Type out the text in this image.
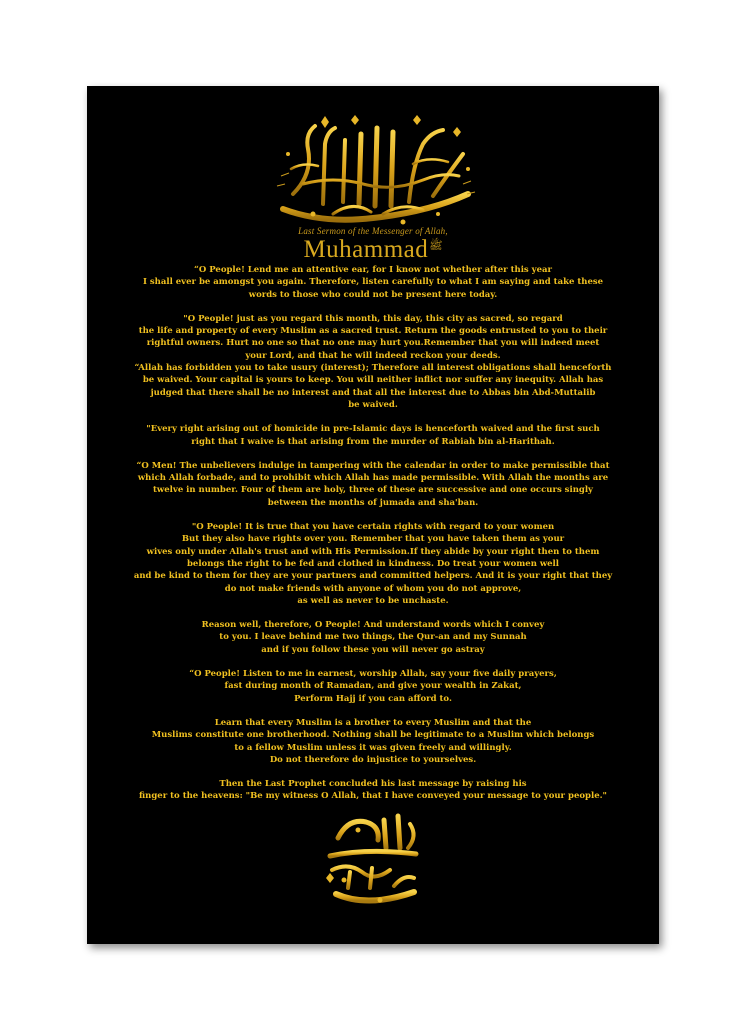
Last Sermon of the Messenger of Allah,
Muhammad$^ﷺ$

“O People! Lend me an attentive ear, for I know not whether after this year
I shall ever be amongst you again. Therefore, listen carefully to what I am saying and take these
words to those who could not be present here today.

"O People! just as you regard this month, this day, this city as sacred, so regard
the life and property of every Muslim as a sacred trust. Return the goods entrusted to you to their
rightful owners. Hurt no one so that no one may hurt you.Remember that you will indeed meet
your Lord, and that he will indeed reckon your deeds.

“Allah has forbidden you to take usury (interest); Therefore all interest obligations shall henceforth
be waived. Your capital is yours to keep. You will neither inflict nor suffer any inequity. Allah has
judged that there shall be no interest and that all the interest due to Abbas bin Abd-Muttalib
be waived.

"Every right arising out of homicide in pre-Islamic days is henceforth waived and the first such
right that I waive is that arising from the murder of Rabiah bin al-Harithah.

“O Men! The unbelievers indulge in tampering with the calendar in order to make permissible that
which Allah forbade, and to prohibit which Allah has made permissible. With Allah the months are
twelve in number. Four of them are holy, three of these are successive and one occurs singly
between the months of jumada and sha'ban.

"O People! It is true that you have certain rights with regard to your women
But they also have rights over you. Remember that you have taken them as your
wives only under Allah's trust and with His Permission.If they abide by your right then to them
belongs the right to be fed and clothed in kindness. Do treat your women well
and be kind to them for they are your partners and committed helpers. And it is your right that they
do not make friends with anyone of whom you do not approve,
as well as never to be unchaste.

Reason well, therefore, O People! And understand words which I convey
to you. I leave behind me two things, the Qur-an and my Sunnah
and if you follow these you will never go astray

“O People! Listen to me in earnest, worship Allah, say your five daily prayers,
fast during month of Ramadan, and give your wealth in Zakat,
Perform Hajj if you can afford to.

Learn that every Muslim is a brother to every Muslim and that the
Muslims constitute one brotherhood. Nothing shall be legitimate to a Muslim which belongs
to a fellow Muslim unless it was given freely and willingly.
Do not therefore do injustice to yourselves.

Then the Last Prophet concluded his last message by raising his
finger to the heavens: "Be my witness O Allah, that I have conveyed your message to your people."
